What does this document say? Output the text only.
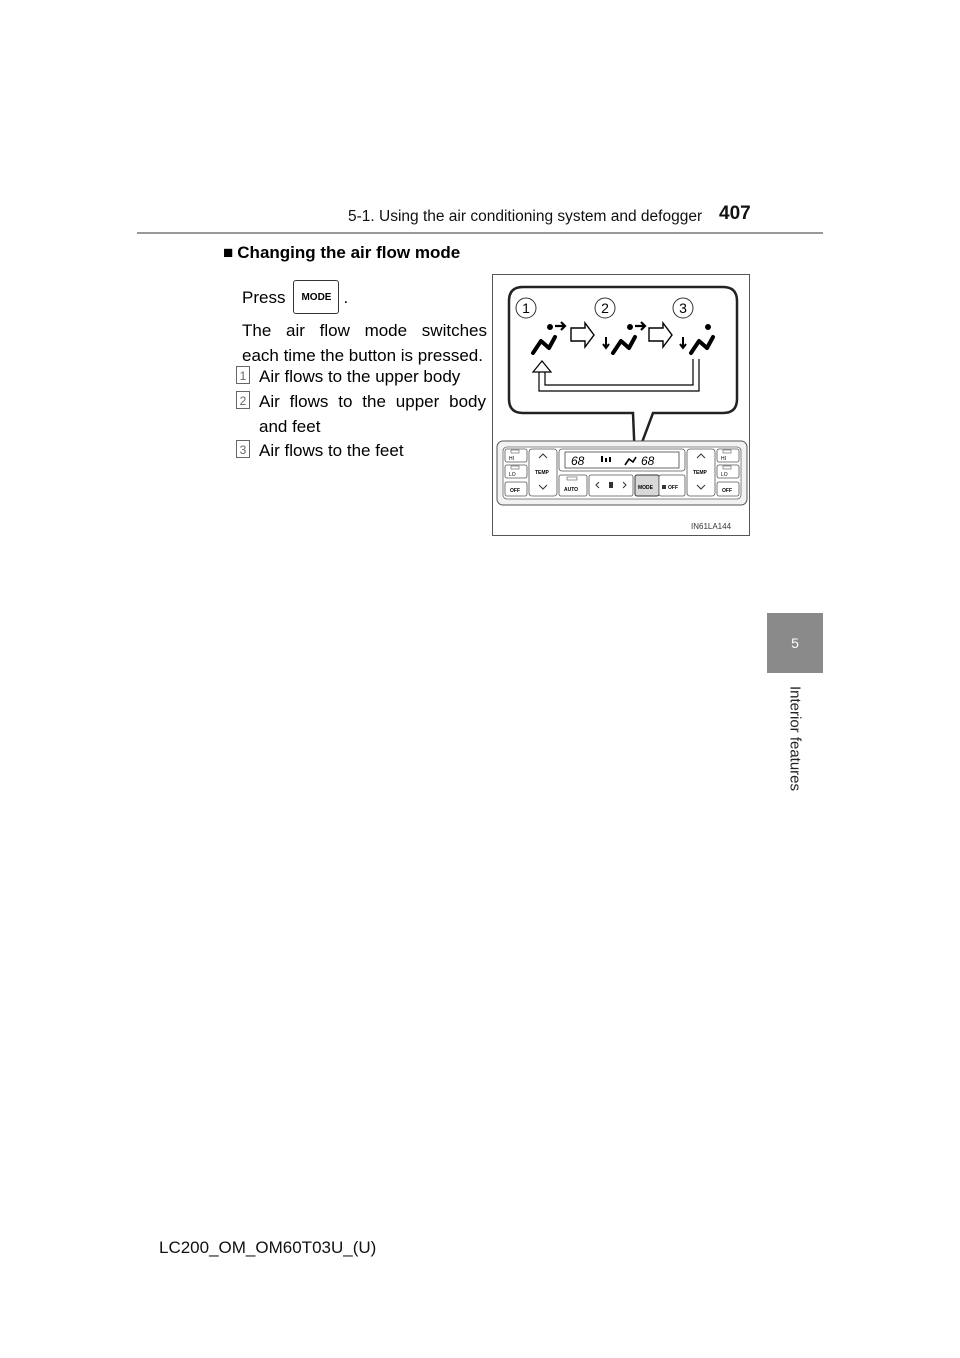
5-1. Using the air conditioning system and defogger 407
5
Interior features
■ Changing the air flow mode
Press	MODE .
The air flow mode switches each time the button is pressed.
1 Air flows to the upper body
2 Air flows to the upper body and feet
3 Air flows to the feet
1	2	3
HI
LO
OFF
TEMP
68	68
AUTO	MODE	OFF
TEMP
HI
LO
OFF
IN61LA144
LC200_OM_OM60T03U_(U)
